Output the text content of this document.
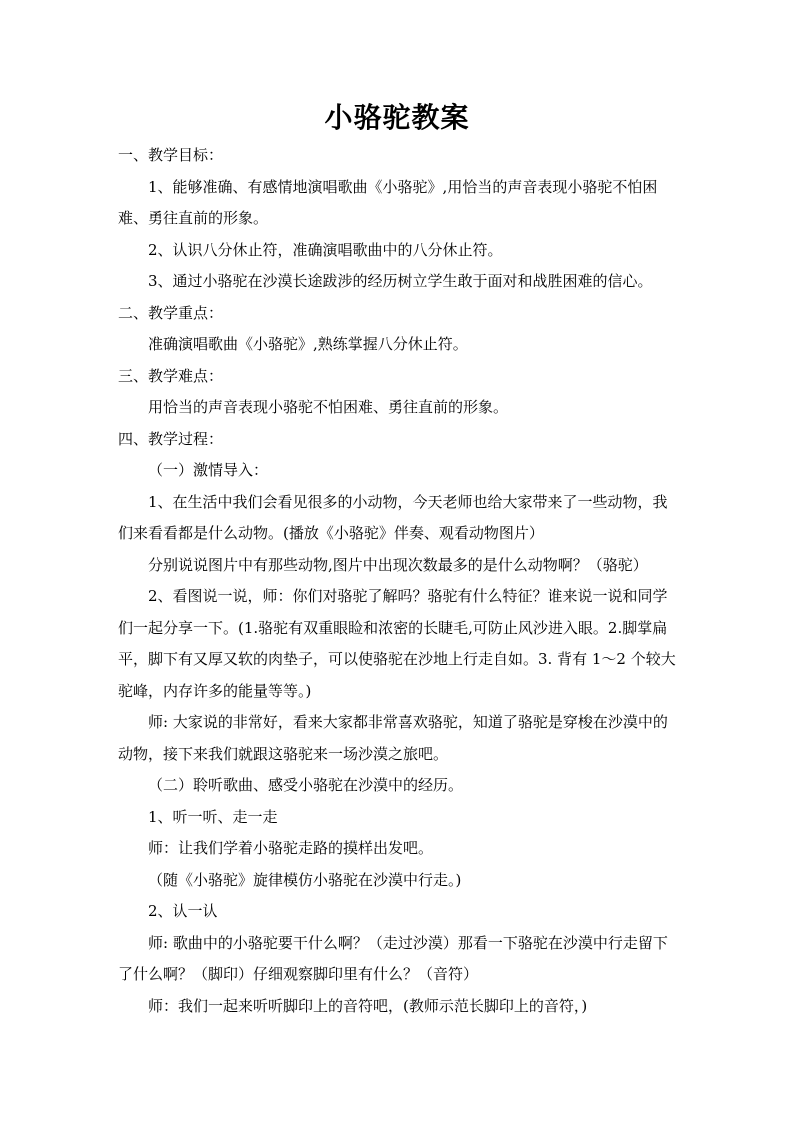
小骆驼教案

一、教学目标：

1、能够准确、有感情地演唱歌曲《小骆驼》,用恰当的声音表现小骆驼不怕困难、勇往直前的形象。

2、认识八分休止符，准确演唱歌曲中的八分休止符。

3、通过小骆驼在沙漠长途跋涉的经历树立学生敢于面对和战胜困难的信心。

二、教学重点：

准确演唱歌曲《小骆驼》,熟练掌握八分休止符。

三、教学难点：

用恰当的声音表现小骆驼不怕困难、勇往直前的形象。

四、教学过程：

（一）激情导入：

1、在生活中我们会看见很多的小动物，今天老师也给大家带来了一些动物，我们来看看都是什么动物。(播放《小骆驼》伴奏、观看动物图片）

分别说说图片中有那些动物,图片中出现次数最多的是什么动物啊？（骆驼）

2、看图说一说，师：你们对骆驼了解吗？骆驼有什么特征？谁来说一说和同学们一起分享一下。(1.骆驼有双重眼睑和浓密的长睫毛,可防止风沙进入眼。2.脚掌扁平，脚下有又厚又软的肉垫子，可以使骆驼在沙地上行走自如。3. 背有 1～2 个较大驼峰，内存许多的能量等等。)

师: 大家说的非常好，看来大家都非常喜欢骆驼，知道了骆驼是穿梭在沙漠中的动物，接下来我们就跟这骆驼来一场沙漠之旅吧。

（二）聆听歌曲、感受小骆驼在沙漠中的经历。

1、听一听、走一走

师：让我们学着小骆驼走路的摸样出发吧。

（随《小骆驼》旋律模仿小骆驼在沙漠中行走。)

2、认一认

师: 歌曲中的小骆驼要干什么啊？（走过沙漠）那看一下骆驼在沙漠中行走留下了什么啊？（脚印）仔细观察脚印里有什么？（音符）

师：我们一起来听听脚印上的音符吧，(教师示范长脚印上的音符，)
